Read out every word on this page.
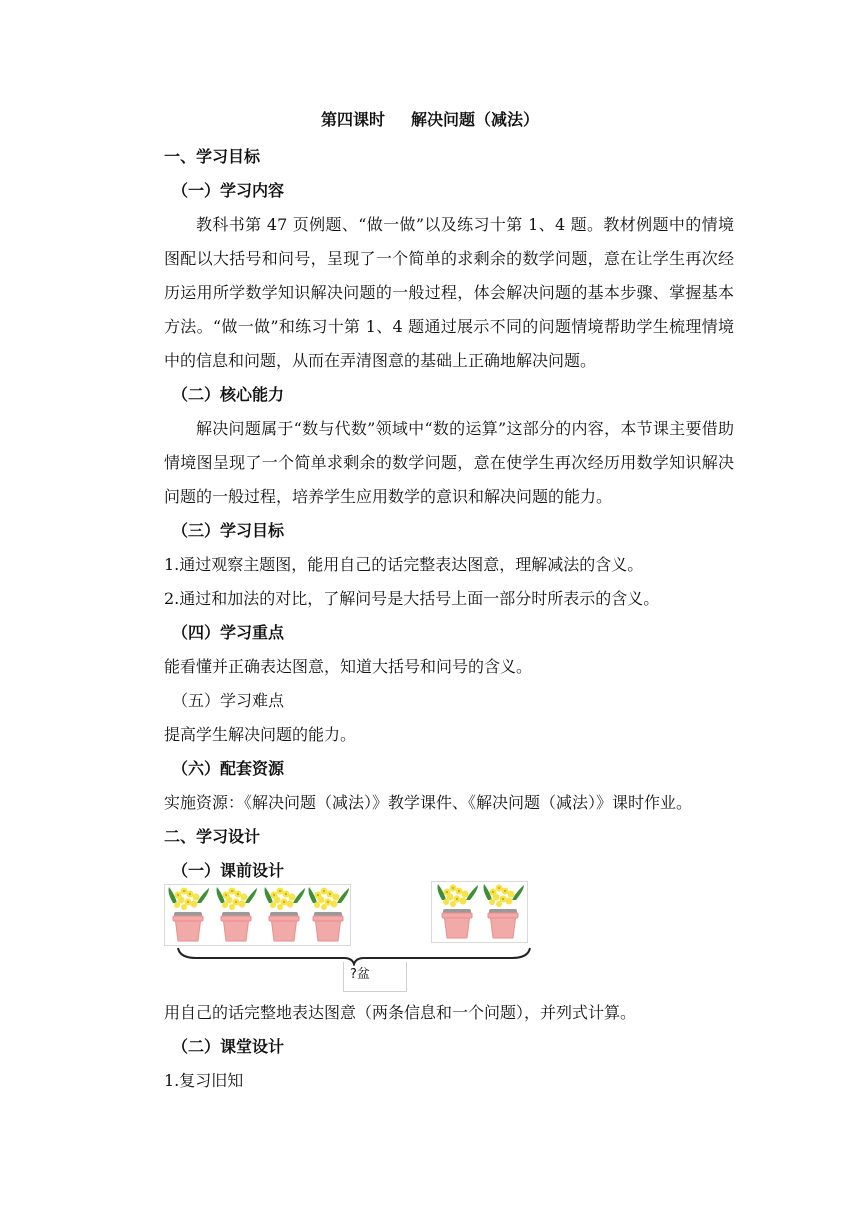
第四课时 解决问题（减法）
一、学习目标
（一）学习内容
教科书第 47 页例题、“做一做”以及练习十第 1、4 题。教材例题中的情境图配以大括号和问号，呈现了一个简单的求剩余的数学问题，意在让学生再次经历运用所学数学知识解决问题的一般过程，体会解决问题的基本步骤、掌握基本方法。“做一做”和练习十第 1、4 题通过展示不同的问题情境帮助学生梳理情境中的信息和问题，从而在弄清图意的基础上正确地解决问题。
（二）核心能力
解决问题属于“数与代数”领域中“数的运算”这部分的内容，本节课主要借助情境图呈现了一个简单求剩余的数学问题，意在使学生再次经历用数学知识解决问题的一般过程，培养学生应用数学的意识和解决问题的能力。
（三）学习目标
1.通过观察主题图，能用自己的话完整表达图意，理解减法的含义。
2.通过和加法的对比，了解问号是大括号上面一部分时所表示的含义。
（四）学习重点
能看懂并正确表达图意，知道大括号和问号的含义。
（五）学习难点
提高学生解决问题的能力。
（六）配套资源
实施资源：《解决问题（减法）》教学课件、《解决问题（减法）》课时作业。
二、学习设计
（一）课前设计
?盆
用自己的话完整地表达图意（两条信息和一个问题），并列式计算。
（二）课堂设计
1.复习旧知
